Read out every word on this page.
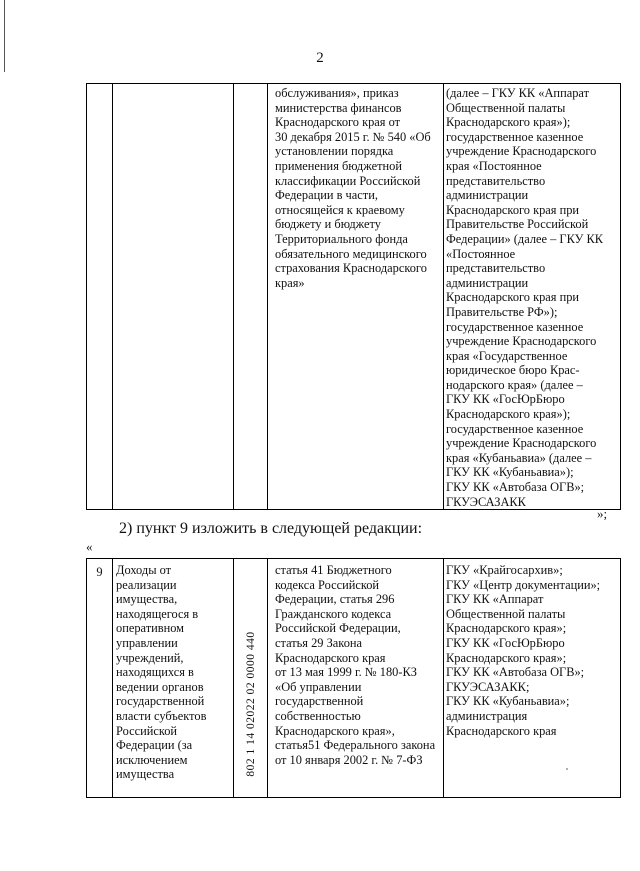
2

обслуживания», приказ
министерства финансов
Краснодарского края от
30 декабря 2015 г. № 540 «Об
установлении порядка
применения бюджетной
классификации Российской
Федерации в части,
относящейся к краевому
бюджету и бюджету
Территориального фонда
обязательного медицинского
страхования Краснодарского
края»

(далее – ГКУ КК «Аппарат
Общественной палаты
Краснодарского края»);
государственное казенное
учреждение Краснодарского
края «Постоянное
представительство
администрации
Краснодарского края при
Правительстве Российской
Федерации» (далее – ГКУ КК
«Постоянное
представительство
администрации
Краснодарского края при
Правительстве РФ»);
государственное казенное
учреждение Краснодарского
края «Государственное
юридическое бюро Крас-
нодарского края» (далее –
ГКУ КК «ГосЮрБюро
Краснодарского края»);
государственное казенное
учреждение Краснодарского
края «Кубаньавиа» (далее –
ГКУ КК «Кубаньавиа»);
ГКУ КК «Автобаза ОГВ»;
ГКУЭСАЗАКК
»;
2) пункт 9 изложить в следующей редакции:
«
9	Доходы от
реализации
имущества,
находящегося в
оперативном
управлении
учреждений,
находящихся в
ведении органов
государственной
власти субъектов
Российской
Федерации (за
исключением
имущества	802 1 14 02022 02 0000 440

статья 41 Бюджетного
кодекса Российской
Федерации, статья 296
Гражданского кодекса
Российской Федерации,
статья 29 Закона
Краснодарского края
от 13 мая 1999 г. № 180-КЗ
«Об управлении
государственной
собственностью
Краснодарского края»,
статья51 Федерального закона
от 10 января 2002 г. № 7-ФЗ

ГКУ «Крайгосархив»;
ГКУ «Центр документации»;
ГКУ КК «Аппарат
Общественной палаты
Краснодарского края»;
ГКУ КК «ГосЮрБюро
Краснодарского края»;
ГКУ КК «Автобаза ОГВ»;
ГКУЭСАЗАКК;
ГКУ КК «Кубаньавиа»;
администрация
Краснодарского края
